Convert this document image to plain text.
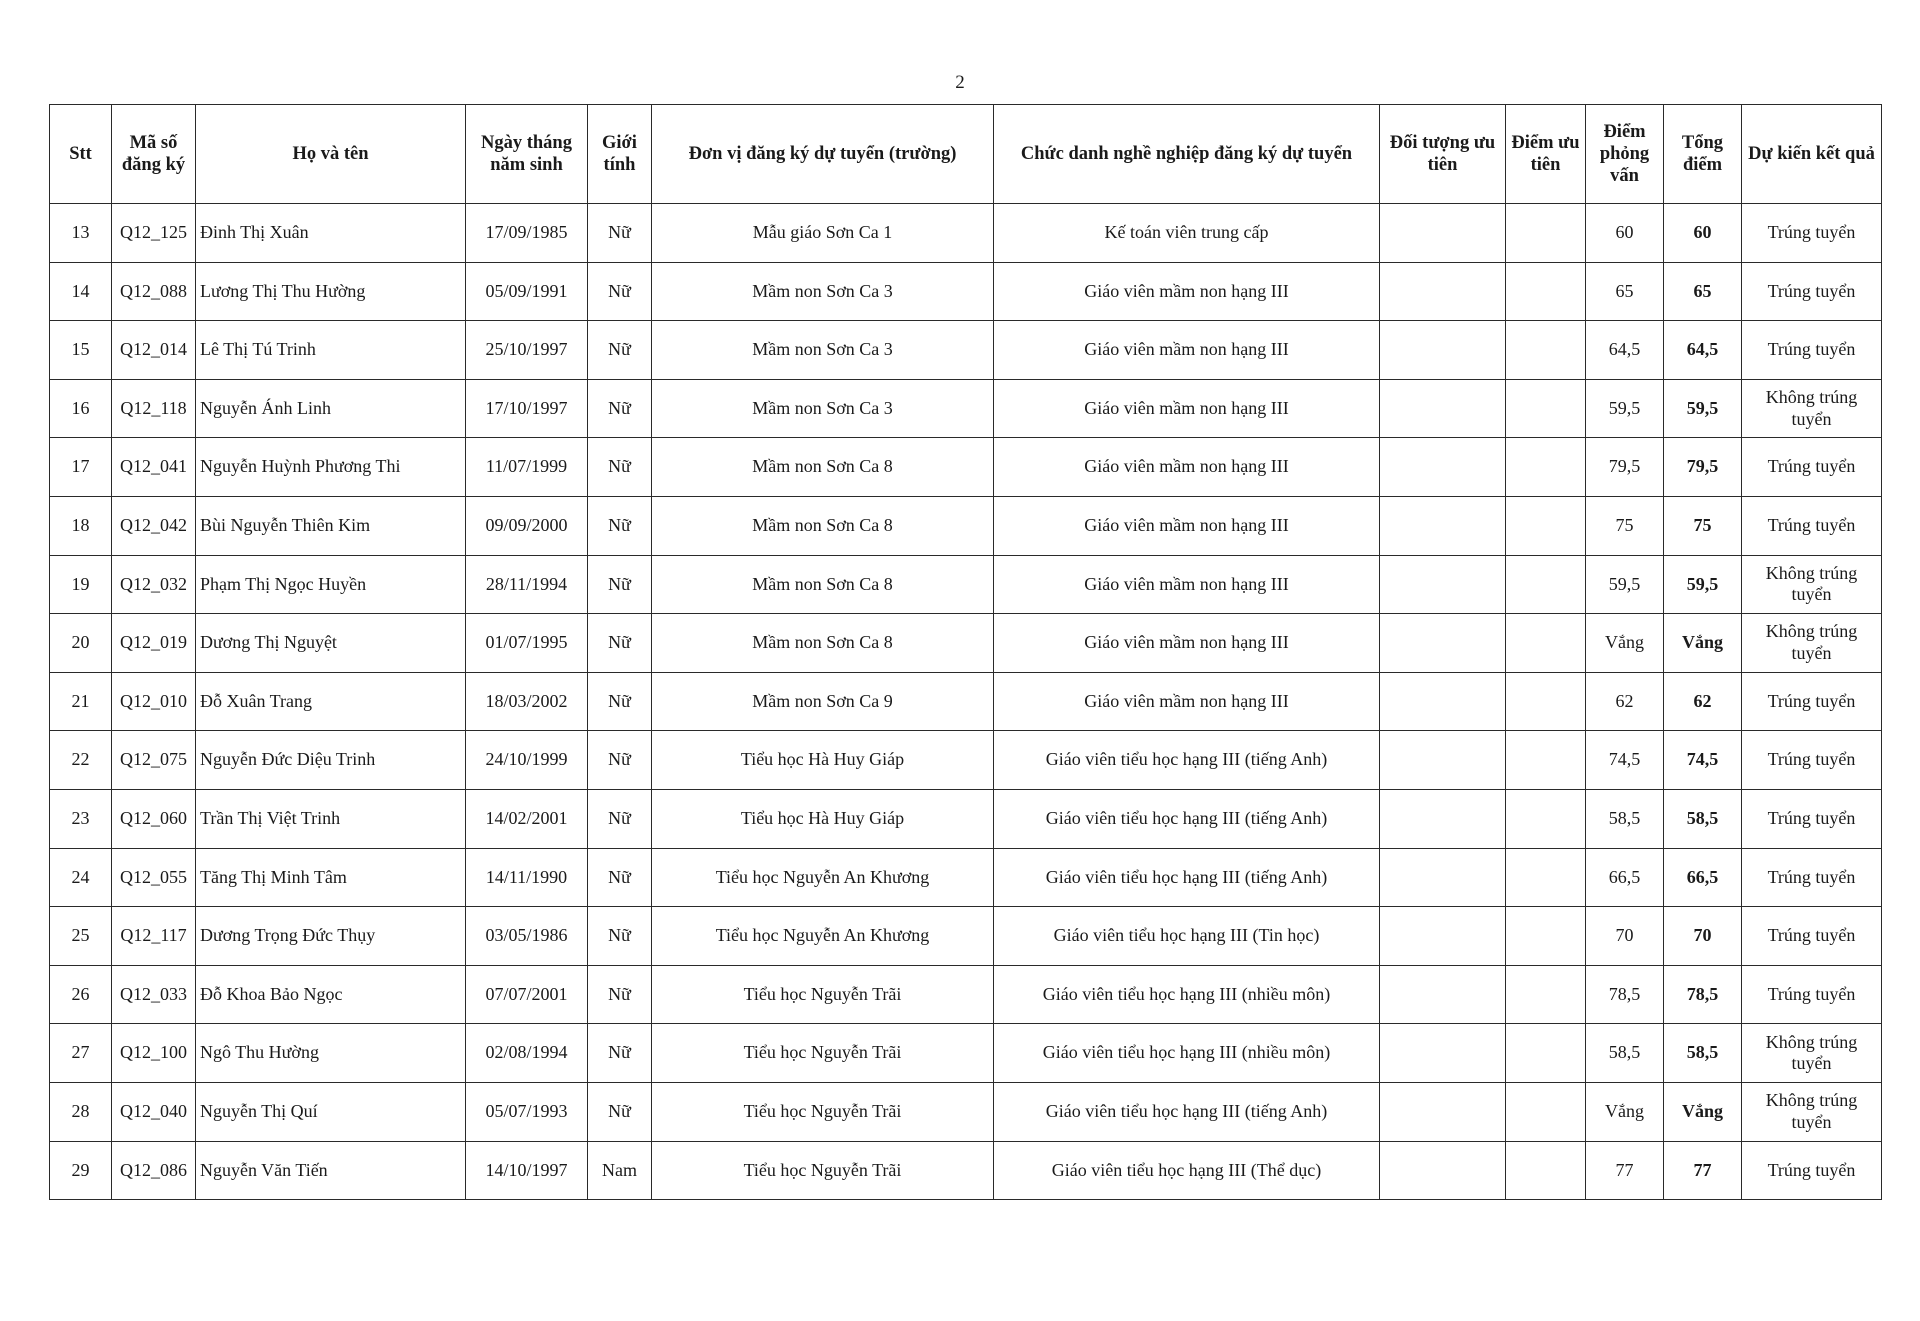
2
Stt	Mã số đăng ký	Họ và tên	Ngày tháng năm sinh	Giới tính	Đơn vị đăng ký dự tuyển (trường)	Chức danh nghề nghiệp đăng ký dự tuyển	Đối tượng ưu tiên	Điểm ưu tiên	Điểm phỏng vấn	Tổng điểm	Dự kiến kết quả
13	Q12_125	Đinh Thị Xuân	17/09/1985	Nữ	Mẫu giáo Sơn Ca 1	Kế toán viên trung cấp			60	60	Trúng tuyển
14	Q12_088	Lương Thị Thu Hường	05/09/1991	Nữ	Mầm non Sơn Ca 3	Giáo viên mầm non hạng III			65	65	Trúng tuyển
15	Q12_014	Lê Thị Tú Trinh	25/10/1997	Nữ	Mầm non Sơn Ca 3	Giáo viên mầm non hạng III			64,5	64,5	Trúng tuyển
16	Q12_118	Nguyễn Ánh Linh	17/10/1997	Nữ	Mầm non Sơn Ca 3	Giáo viên mầm non hạng III			59,5	59,5	Không trúng tuyển
17	Q12_041	Nguyễn Huỳnh Phương Thi	11/07/1999	Nữ	Mầm non Sơn Ca 8	Giáo viên mầm non hạng III			79,5	79,5	Trúng tuyển
18	Q12_042	Bùi Nguyễn Thiên Kim	09/09/2000	Nữ	Mầm non Sơn Ca 8	Giáo viên mầm non hạng III			75	75	Trúng tuyển
19	Q12_032	Phạm Thị Ngọc Huyền	28/11/1994	Nữ	Mầm non Sơn Ca 8	Giáo viên mầm non hạng III			59,5	59,5	Không trúng tuyển
20	Q12_019	Dương Thị Nguyệt	01/07/1995	Nữ	Mầm non Sơn Ca 8	Giáo viên mầm non hạng III			Vắng	Vắng	Không trúng tuyển
21	Q12_010	Đỗ Xuân Trang	18/03/2002	Nữ	Mầm non Sơn Ca 9	Giáo viên mầm non hạng III			62	62	Trúng tuyển
22	Q12_075	Nguyễn Đức Diệu Trinh	24/10/1999	Nữ	Tiểu học Hà Huy Giáp	Giáo viên tiểu học hạng III (tiếng Anh)			74,5	74,5	Trúng tuyển
23	Q12_060	Trần Thị Việt Trinh	14/02/2001	Nữ	Tiểu học Hà Huy Giáp	Giáo viên tiểu học hạng III (tiếng Anh)			58,5	58,5	Trúng tuyển
24	Q12_055	Tăng Thị Minh Tâm	14/11/1990	Nữ	Tiểu học Nguyễn An Khương	Giáo viên tiểu học hạng III (tiếng Anh)			66,5	66,5	Trúng tuyển
25	Q12_117	Dương Trọng Đức Thụy	03/05/1986	Nữ	Tiểu học Nguyễn An Khương	Giáo viên tiểu học hạng III (Tin học)			70	70	Trúng tuyển
26	Q12_033	Đỗ Khoa Bảo Ngọc	07/07/2001	Nữ	Tiểu học Nguyễn Trãi	Giáo viên tiểu học hạng III (nhiều môn)			78,5	78,5	Trúng tuyển
27	Q12_100	Ngô Thu Hường	02/08/1994	Nữ	Tiểu học Nguyễn Trãi	Giáo viên tiểu học hạng III (nhiều môn)			58,5	58,5	Không trúng tuyển
28	Q12_040	Nguyễn Thị Quí	05/07/1993	Nữ	Tiểu học Nguyễn Trãi	Giáo viên tiểu học hạng III (tiếng Anh)			Vắng	Vắng	Không trúng tuyển
29	Q12_086	Nguyễn Văn Tiến	14/10/1997	Nam	Tiểu học Nguyễn Trãi	Giáo viên tiểu học hạng III (Thể dục)			77	77	Trúng tuyển
